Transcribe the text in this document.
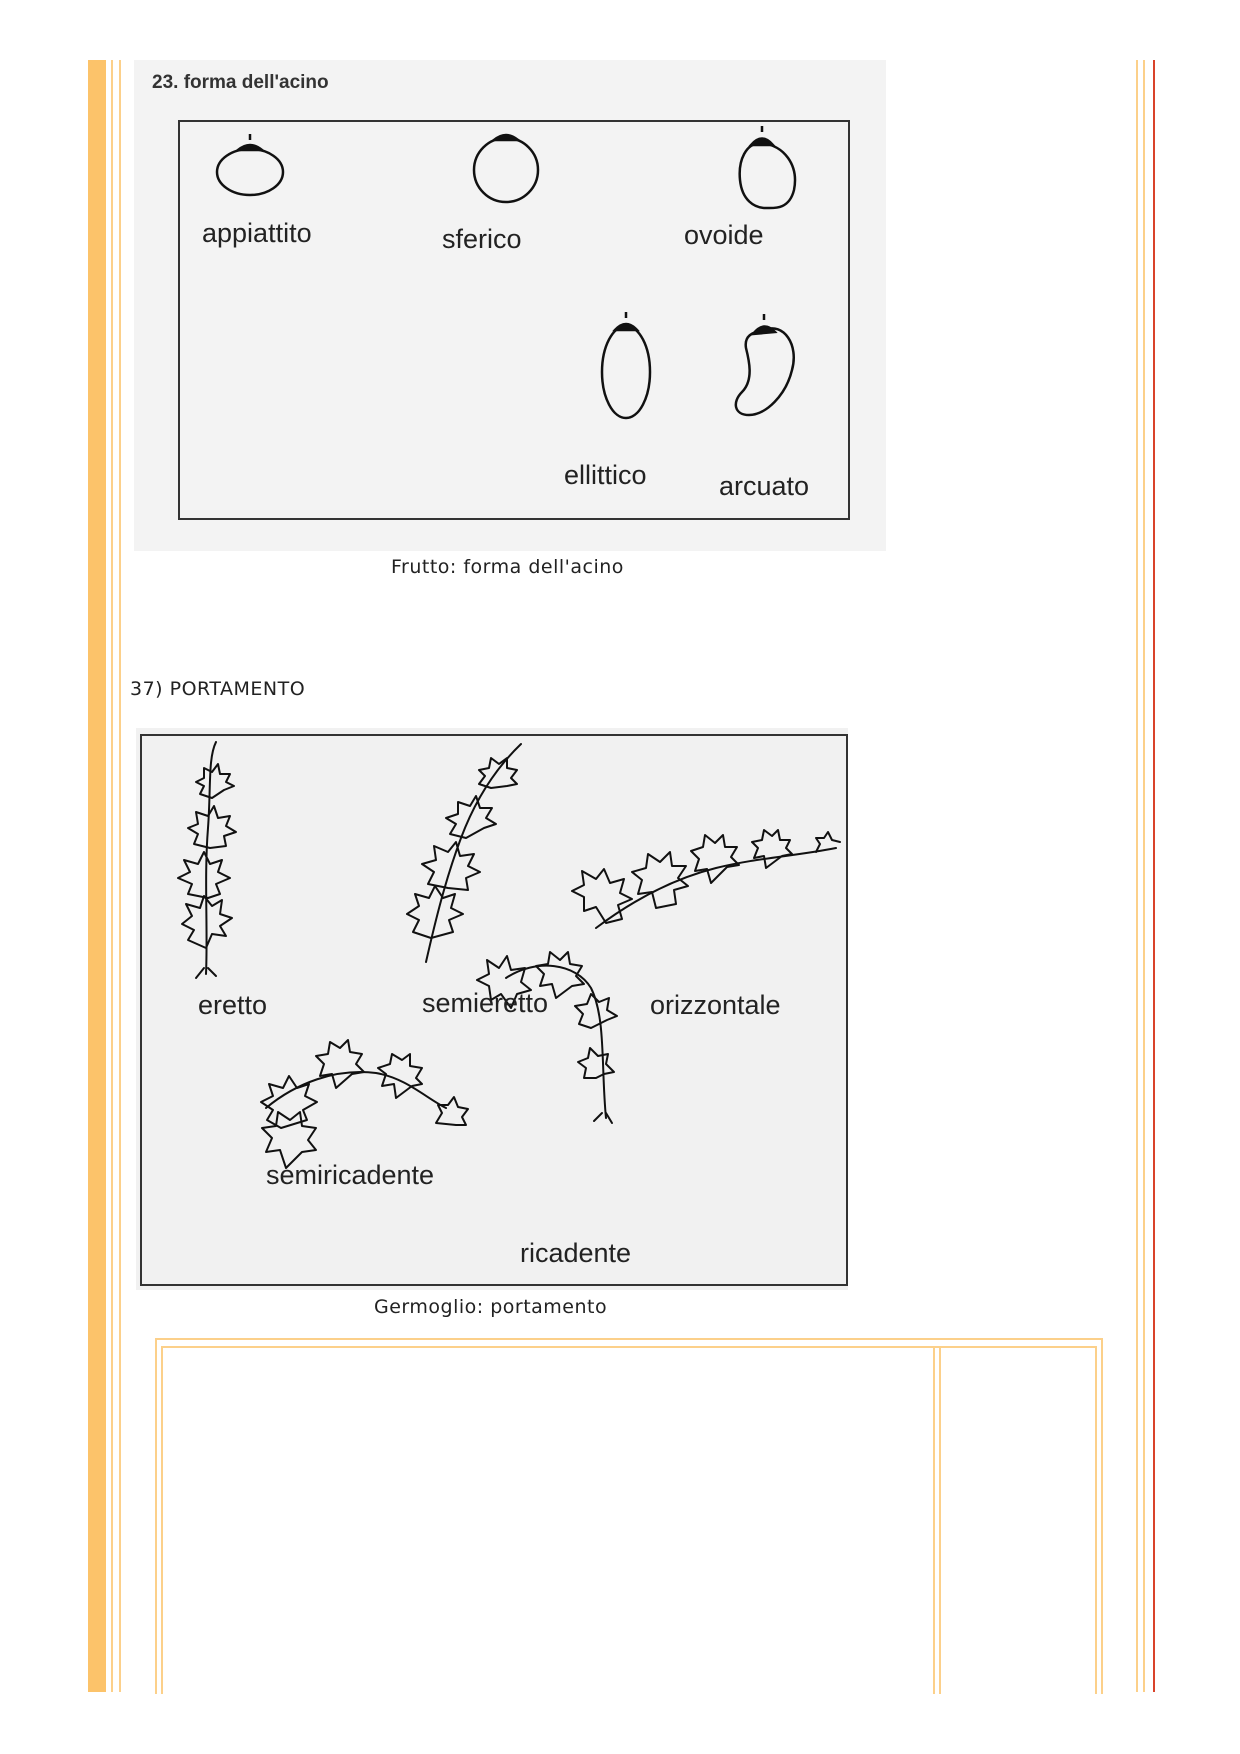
23. forma dell'acino
appiattito	sferico	ovoide
ellittico	arcuato
Frutto: forma dell'acino
37) PORTAMENTO
eretto	semieretto	orizzontale
semiricadente
ricadente
Germoglio: portamento
